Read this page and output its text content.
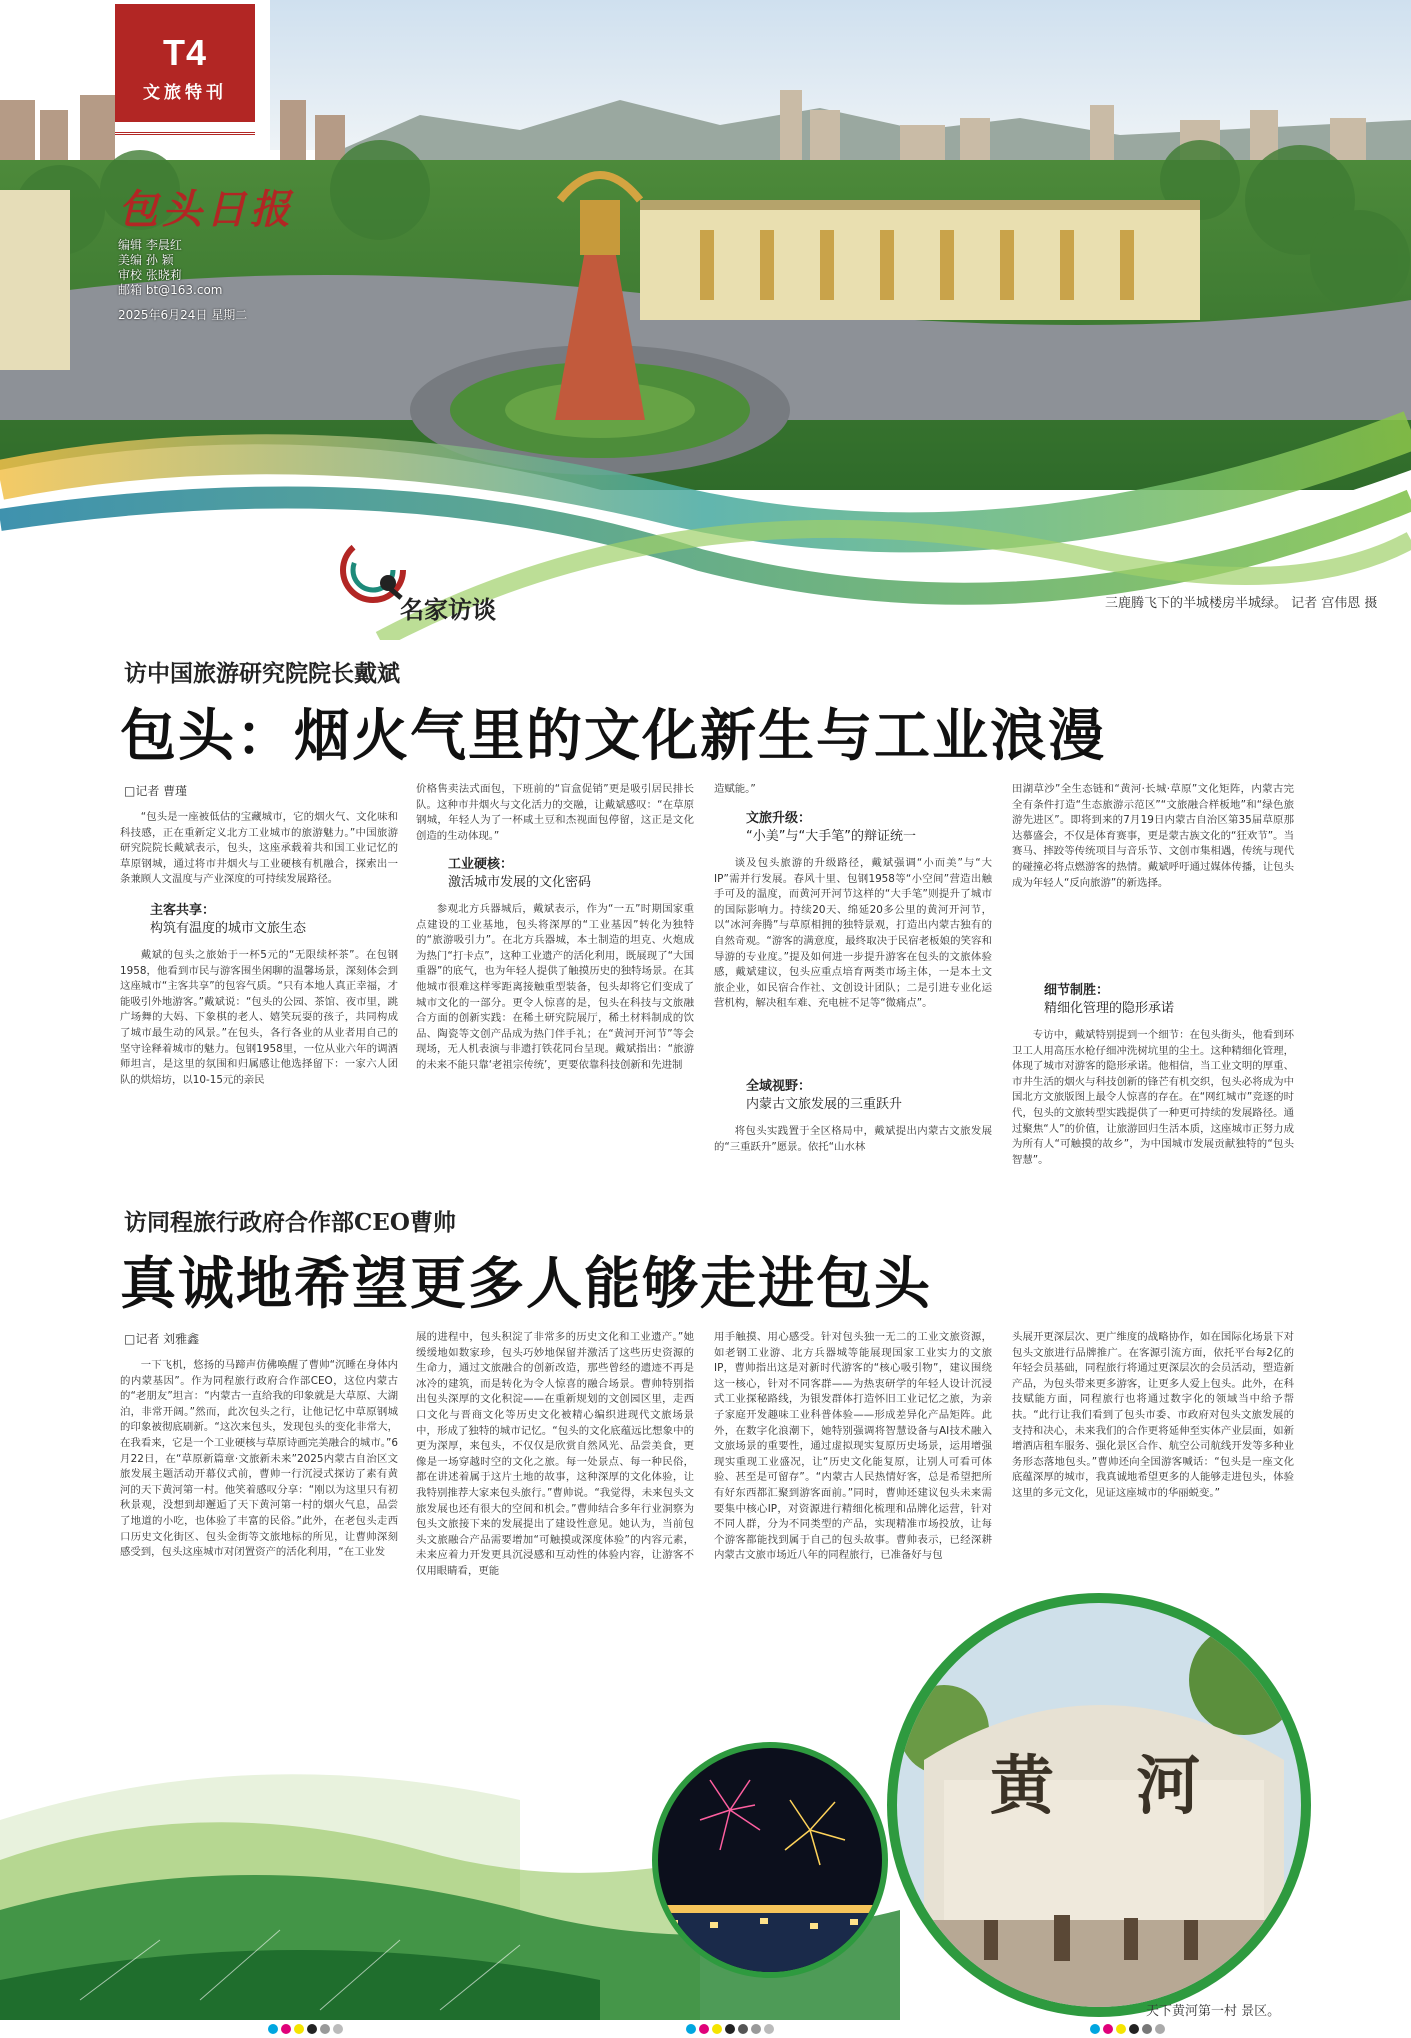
T4
文旅特刊
包头日报
编辑 李晨红
美编 孙 颖
审校 张晓莉
邮箱 bt@163.com
2025年6月24日 星期二
三鹿腾飞下的半城楼房半城绿。 记者 宫伟恩 摄
名家访谈
访中国旅游研究院院长戴斌
包头：烟火气里的文化新生与工业浪漫
□记者 曹瑾

“包头是一座被低估的宝藏城市，它的烟火气、文化味和科技感，正在重新定义北方工业城市的旅游魅力。”中国旅游研究院院长戴斌表示，包头，这座承载着共和国工业记忆的草原钢城，通过将市井烟火与工业硬核有机融合，探索出一条兼顾人文温度与产业深度的可持续发展路径。

主客共享：
构筑有温度的城市文旅生态

戴斌的包头之旅始于一杯5元的“无限续杯茶”。在包钢1958，他看到市民与游客围坐闲聊的温馨场景，深刻体会到这座城市“主客共享”的包容气质。“只有本地人真正幸福，才能吸引外地游客。”戴斌说：“包头的公园、茶馆、夜市里，跳广场舞的大妈、下象棋的老人、嬉笑玩耍的孩子，共同构成了城市最生动的风景。”在包头，各行各业的从业者用自己的坚守诠释着城市的魅力。包钢1958里，一位从业六年的调酒师坦言，是这里的氛围和归属感让他选择留下：一家六人团队的烘焙坊，以10-15元的亲民

价格售卖法式面包，下班前的“盲盒促销”更是吸引居民排长队。这种市井烟火与文化活力的交融，让戴斌感叹：“在草原钢城，年轻人为了一杯咸土豆和杰视面包停留，这正是文化创造的生动体现。”

工业硬核：
激活城市发展的文化密码

参观北方兵器城后，戴斌表示，作为“一五”时期国家重点建设的工业基地，包头将深厚的“工业基因”转化为独特的“旅游吸引力”。在北方兵器城，本土制造的坦克、火炮成为热门“打卡点”，这种工业遗产的活化利用，既展现了“大国重器”的底气，也为年轻人提供了触摸历史的独特场景。在其他城市很难这样零距离接触重型装备，包头却将它们变成了城市文化的一部分。更令人惊喜的是，包头在科技与文旅融合方面的创新实践：在稀土研究院展厅，稀土材料制成的饮品、陶瓷等文创产品成为热门伴手礼；在“黄河开河节”等会现场，无人机表演与非遗打铁花同台呈现。戴斌指出：“旅游的未来不能只靠‘老祖宗传统’，更要依靠科技创新和先进制

造赋能。”

文旅升级：
“小美”与“大手笔”的辩证统一

谈及包头旅游的升级路径，戴斌强调“小而美”与“大IP”需并行发展。春风十里、包钢1958等“小空间”营造出触手可及的温度，而黄河开河节这样的“大手笔”则提升了城市的国际影响力。持续20天、绵延20多公里的黄河开河节，以“冰河奔腾”与草原相拥的独特景观，打造出内蒙古独有的自然奇观。“游客的满意度，最终取决于民宿老板娘的笑容和导游的专业度。”提及如何进一步提升游客在包头的文旅体验感，戴斌建议，包头应重点培育两类市场主体，一是本土文旅企业，如民宿合作社、文创设计团队；二是引进专业化运营机构，解决租车难、充电桩不足等“微痛点”。

全域视野：
内蒙古文旅发展的三重跃升

将包头实践置于全区格局中，戴斌提出内蒙古文旅发展的“三重跃升”愿景。依托“山水林

田湖草沙”全生态链和“黄河·长城·草原”文化矩阵，内蒙古完全有条件打造“生态旅游示范区”“文旅融合样板地”和“绿色旅游先进区”。即将到来的7月19日内蒙古自治区第35届草原那达慕盛会，不仅是体育赛事，更是蒙古族文化的“狂欢节”。当赛马、摔跤等传统项目与音乐节、文创市集相遇，传统与现代的碰撞必将点燃游客的热情。戴斌呼吁通过媒体传播，让包头成为年轻人“反向旅游”的新选择。

细节制胜：
精细化管理的隐形承诺

专访中，戴斌特别提到一个细节：在包头街头，他看到环卫工人用高压水枪仔细冲洗树坑里的尘土。这种精细化管理，体现了城市对游客的隐形承诺。他相信，当工业文明的厚重、市井生活的烟火与科技创新的锋芒有机交织，包头必将成为中国北方文旅版图上最令人惊喜的存在。在“网红城市”竞逐的时代，包头的文旅转型实践提供了一种更可持续的发展路径。通过聚焦“人”的价值，让旅游回归生活本质，这座城市正努力成为所有人“可触摸的故乡”，为中国城市发展贡献独特的“包头智慧”。

访同程旅行政府合作部CEO曹帅
真诚地希望更多人能够走进包头
□记者 刘雅鑫

一下飞机，悠扬的马蹄声仿佛唤醒了曹帅“沉睡在身体内的内蒙基因”。作为同程旅行政府合作部CEO，这位内蒙古的“老朋友”坦言：“内蒙古一直给我的印象就是大草原、大湖泊，非常开阔。”然而，此次包头之行，让他记忆中草原钢城的印象被彻底刷新。“这次来包头，发现包头的变化非常大，在我看来，它是一个工业硬核与草原诗画完美融合的城市。”6月22日，在“草原新篇章·文旅新未来”2025内蒙古自治区文旅发展主题活动开幕仪式前，曹帅一行沉浸式探访了素有黄河的天下黄河第一村。他笑着感叹分享：“刚以为这里只有初秋景观，没想到却邂逅了天下黄河第一村的烟火气息，品尝了地道的小吃，也体验了丰富的民俗。”此外，在老包头走西口历史文化街区、包头金街等文旅地标的所见，让曹帅深刻感受到，包头这座城市对闭置资产的活化利用，“在工业发

展的进程中，包头积淀了非常多的历史文化和工业遗产。”她缓缓地如数家珍，包头巧妙地保留并激活了这些历史资源的生命力，通过文旅融合的创新改造，那些曾经的遗迹不再是冰冷的建筑，而是转化为令人惊喜的融合场景。曹帅特别指出包头深厚的文化积淀——在重新规划的文创园区里，走西口文化与晋商文化等历史文化被精心编织进现代文旅场景中，形成了独特的城市记忆。“包头的文化底蕴远比想象中的更为深厚，来包头，不仅仅是欣赏自然风光、品尝美食，更像是一场穿越时空的文化之旅。每一处景点、每一种民俗，都在讲述着属于这片土地的故事，这种深厚的文化体验，让我特别推荐大家来包头旅行。”曹帅说。“我觉得，未来包头文旅发展也还有很大的空间和机会。”曹帅结合多年行业洞察为包头文旅接下来的发展提出了建设性意见。她认为，当前包头文旅融合产品需要增加“可触摸或深度体验”的内容元素，未来应着力开发更具沉浸感和互动性的体验内容，让游客不仅用眼睛看，更能

用手触摸、用心感受。针对包头独一无二的工业文旅资源，如老钢工业游、北方兵器城等能展现国家工业实力的文旅IP，曹帅指出这是对新时代游客的“核心吸引物”，建议围绕这一核心，针对不同客群——为热衷研学的年轻人设计沉浸式工业探秘路线，为银发群体打造怀旧工业记忆之旅，为亲子家庭开发趣味工业科普体验——形成差异化产品矩阵。此外，在数字化浪潮下，她特别强调将智慧设备与AI技术融入文旅场景的重要性，通过虚拟现实复原历史场景，运用增强现实重现工业盛况，让“历史文化能复原，让别人可看可体验、甚至是可留存”。“内蒙古人民热情好客，总是希望把所有好东西都汇聚到游客面前。”同时，曹帅还建议包头未来需要集中核心IP，对资源进行精细化梳理和品牌化运营，针对不同人群，分为不同类型的产品，实现精准市场投放，让每个游客都能找到属于自己的包头故事。曹帅表示，已经深耕内蒙古文旅市场近八年的同程旅行，已准备好与包

头展开更深层次、更广维度的战略协作，如在国际化场景下对包头文旅进行品牌推广。在客源引流方面，依托平台每2亿的年轻会员基础，同程旅行将通过更深层次的会员活动，塑造新产品，为包头带来更多游客，让更多人爱上包头。此外，在科技赋能方面，同程旅行也将通过数字化的领域当中给予帮扶。“此行让我们看到了包头市委、市政府对包头文旅发展的支持和决心，未来我们的合作更将延伸至实体产业层面，如新增酒店租车服务、强化景区合作、航空公司航线开发等多种业务形态落地包头。”曹帅还向全国游客喊话：“包头是一座文化底蕴深厚的城市，我真诚地希望更多的人能够走进包头，体验这里的多元文化，见证这座城市的华丽蜕变。”

黄 河
天下黄河第一村 景区。
